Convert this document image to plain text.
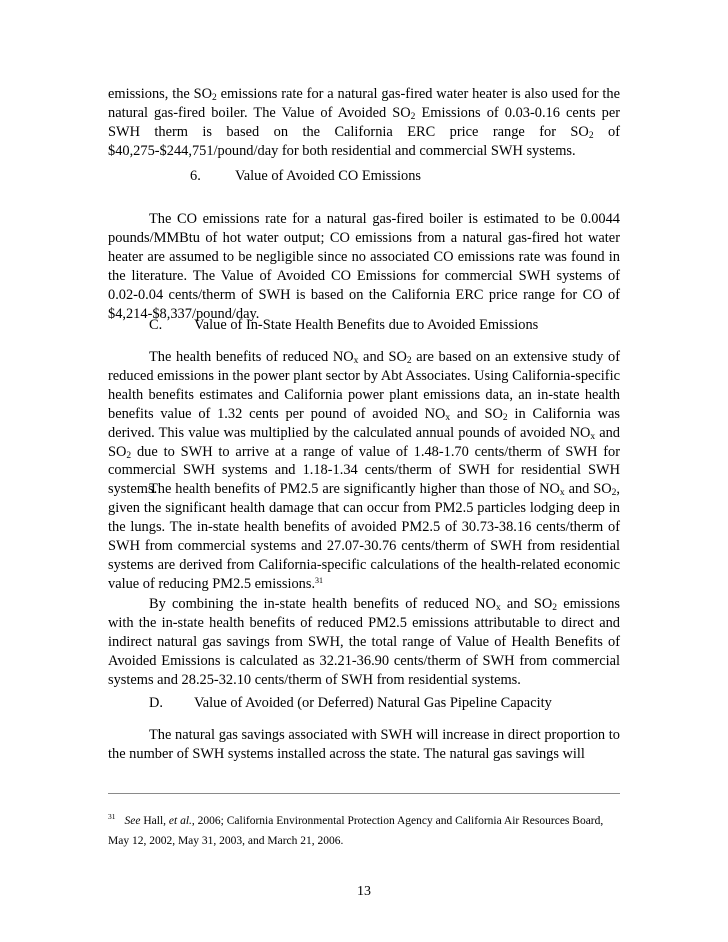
emissions, the $SO_2$ emissions rate for a natural gas-fired water heater is also used for the natural gas-fired boiler. The Value of Avoided $SO_2$ Emissions of 0.03-0.16 cents per SWH therm is based on the California ERC price range for $SO_2$ of $40,275-$244,751/pound/day for both residential and commercial SWH systems.

6. Value of Avoided CO Emissions

The CO emissions rate for a natural gas-fired boiler is estimated to be 0.0044 pounds/MMBtu of hot water output; CO emissions from a natural gas-fired hot water heater are assumed to be negligible since no associated CO emissions rate was found in the literature. The Value of Avoided CO Emissions for commercial SWH systems of 0.02-0.04 cents/therm of SWH is based on the California ERC price range for CO of $4,214-$8,337/pound/day.

C. Value of In-State Health Benefits due to Avoided Emissions

The health benefits of reduced $NO_x$ and $SO_2$ are based on an extensive study of reduced emissions in the power plant sector by Abt Associates. Using California-specific health benefits estimates and California power plant emissions data, an in-state health benefits value of 1.32 cents per pound of avoided $NO_x$ and $SO_2$ in California was derived. This value was multiplied by the calculated annual pounds of avoided $NO_x$ and $SO_2$ due to SWH to arrive at a range of value of 1.48-1.70 cents/therm of SWH for commercial SWH systems and 1.18-1.34 cents/therm of SWH for residential SWH systems.

The health benefits of PM2.5 are significantly higher than those of $NO_x$ and $SO_2$, given the significant health damage that can occur from PM2.5 particles lodging deep in the lungs. The in-state health benefits of avoided PM2.5 of 30.73-38.16 cents/therm of SWH from commercial systems and 27.07-30.76 cents/therm of SWH from residential systems are derived from California-specific calculations of the health-related economic value of reducing PM2.5 emissions.$^{31}$

By combining the in-state health benefits of reduced $NO_x$ and $SO_2$ emissions with the in-state health benefits of reduced PM2.5 emissions attributable to direct and indirect natural gas savings from SWH, the total range of Value of Health Benefits of Avoided Emissions is calculated as 32.21-36.90 cents/therm of SWH from commercial systems and 28.25-32.10 cents/therm of SWH from residential systems.

D. Value of Avoided (or Deferred) Natural Gas Pipeline Capacity

The natural gas savings associated with SWH will increase in direct proportion to the number of SWH systems installed across the state. The natural gas savings will

$^{31}$ See Hall, et al., 2006; California Environmental Protection Agency and California Air Resources Board, May 12, 2002, May 31, 2003, and March 21, 2006.

13
